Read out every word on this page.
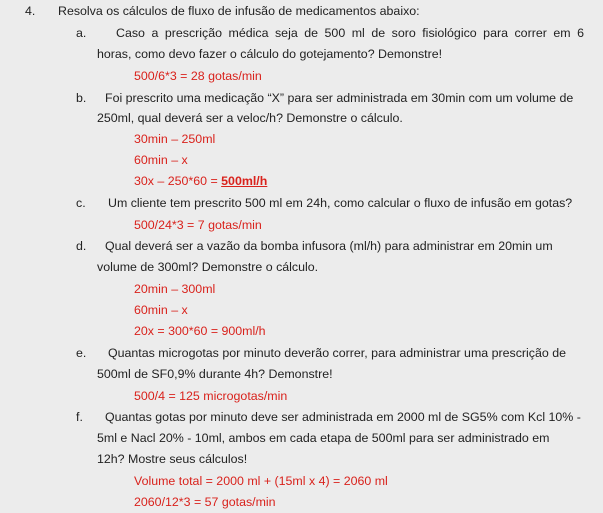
4. Resolva os cálculos de fluxo de infusão de medicamentos abaixo:
a. Caso a prescrição médica seja de 500 ml de soro fisiológico para correr em 6
horas, como devo fazer o cálculo do gotejamento? Demonstre!
500/6*3 = 28 gotas/min
b. Foi prescrito uma medicação “X” para ser administrada em 30min com um volume de
250ml, qual deverá ser a veloc/h? Demonstre o cálculo.
30min – 250ml
60min – x
30x – 250*60 = 500ml/h
c. Um cliente tem prescrito 500 ml em 24h, como calcular o fluxo de infusão em gotas?
500/24*3 = 7 gotas/min
d. Qual deverá ser a vazão da bomba infusora (ml/h) para administrar em 20min um
volume de 300ml? Demonstre o cálculo.
20min – 300ml
60min – x
20x = 300*60 = 900ml/h
e. Quantas microgotas por minuto deverão correr, para administrar uma prescrição de
500ml de SF0,9% durante 4h? Demonstre!
500/4 = 125 microgotas/min
f. Quantas gotas por minuto deve ser administrada em 2000 ml de SG5% com Kcl 10% -
5ml e Nacl 20% - 10ml, ambos em cada etapa de 500ml para ser administrado em
12h? Mostre seus cálculos!
Volume total = 2000 ml + (15ml x 4) = 2060 ml
2060/12*3 = 57 gotas/min
